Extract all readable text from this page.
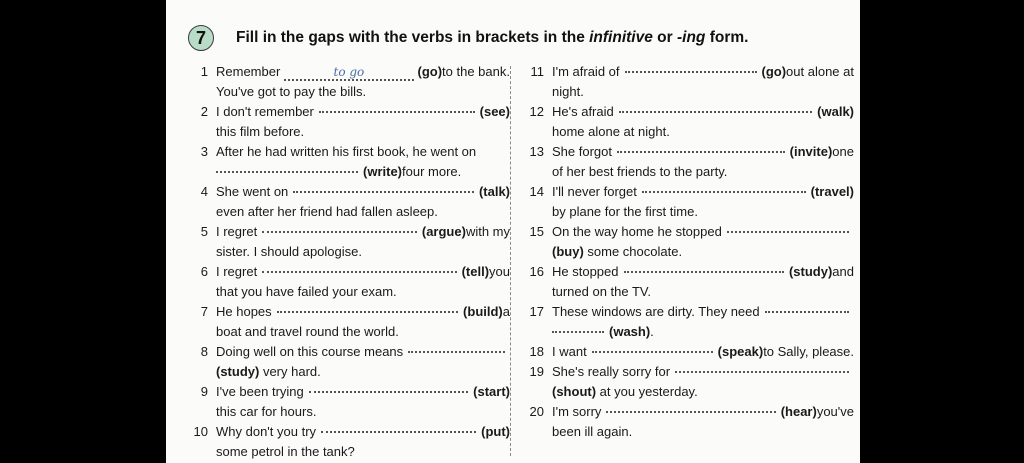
7	Fill in the gaps with the verbs in brackets in the infinitive or -ing form.
1 Remember	to go	(go) to the bank.
You've got to pay the bills.
2 I don't remember	(see)
this film before.
3 After he had written his first book, he went on
(write) four more.
4 She went on	(talk)
even after her friend had fallen asleep.
5 I regret	(argue) with my
sister. I should apologise.
6 I regret	(tell) you
that you have failed your exam.
7 He hopes	(build) a
boat and travel round the world.
8 Doing well on this course means
(study) very hard.
9 I've been trying	(start)
this car for hours.
10 Why don't you try	(put)
some petrol in the tank?
11 I'm afraid of	(go) out alone at
night.
12 He's afraid	(walk)
home alone at night.
13 She forgot	(invite) one
of her best friends to the party.
14 I'll never forget	(travel)
by plane for the first time.
15 On the way home he stopped
(buy) some chocolate.
16 He stopped	(study) and
turned on the TV.
17 These windows are dirty. They need
(wash) .
18 I want	(speak) to Sally, please.
19 She's really sorry for
(shout) at you yesterday.
20 I'm sorry	(hear) you've
been ill again.
